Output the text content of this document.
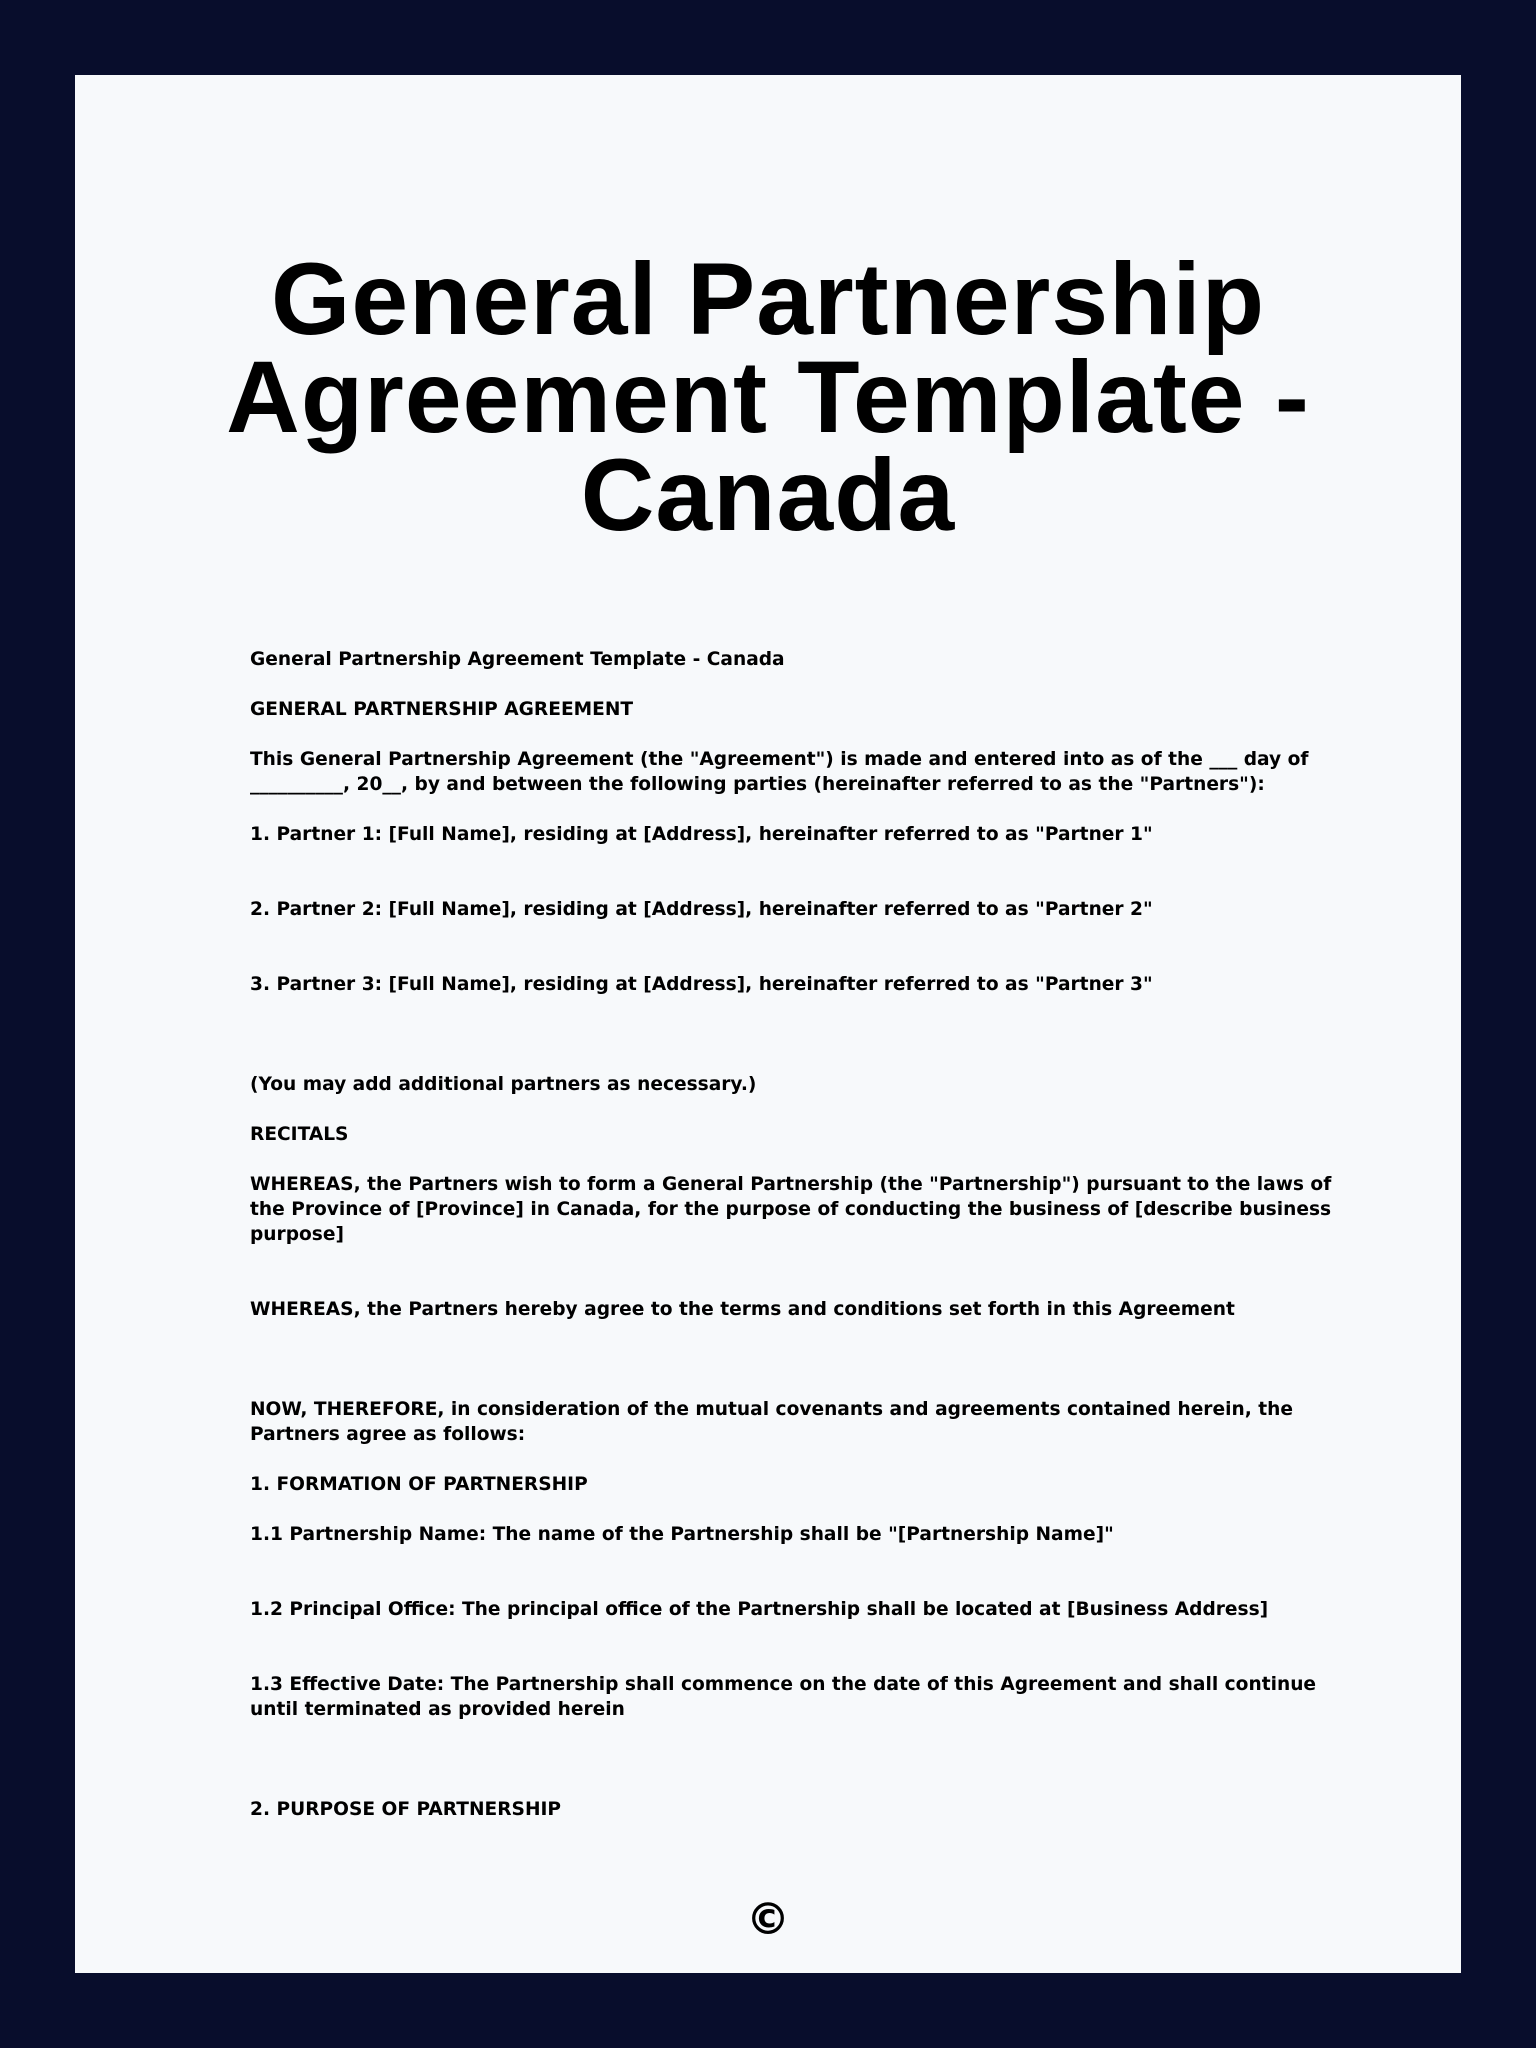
General Partnership Agreement Template - Canada

General Partnership Agreement Template - Canada

GENERAL PARTNERSHIP AGREEMENT

This General Partnership Agreement (the "Agreement") is made and entered into as of the ___ day of __________, 20__, by and between the following parties (hereinafter referred to as the "Partners"):

1. Partner 1: [Full Name], residing at [Address], hereinafter referred to as "Partner 1"

2. Partner 2: [Full Name], residing at [Address], hereinafter referred to as "Partner 2"

3. Partner 3: [Full Name], residing at [Address], hereinafter referred to as "Partner 3"

(You may add additional partners as necessary.)

RECITALS

WHEREAS, the Partners wish to form a General Partnership (the "Partnership") pursuant to the laws of the Province of [Province] in Canada, for the purpose of conducting the business of [describe business purpose]

WHEREAS, the Partners hereby agree to the terms and conditions set forth in this Agreement

NOW, THEREFORE, in consideration of the mutual covenants and agreements contained herein, the Partners agree as follows:

1. FORMATION OF PARTNERSHIP

1.1 Partnership Name: The name of the Partnership shall be "[Partnership Name]"

1.2 Principal Office: The principal office of the Partnership shall be located at [Business Address]

1.3 Effective Date: The Partnership shall commence on the date of this Agreement and shall continue until terminated as provided herein

2. PURPOSE OF PARTNERSHIP

©
